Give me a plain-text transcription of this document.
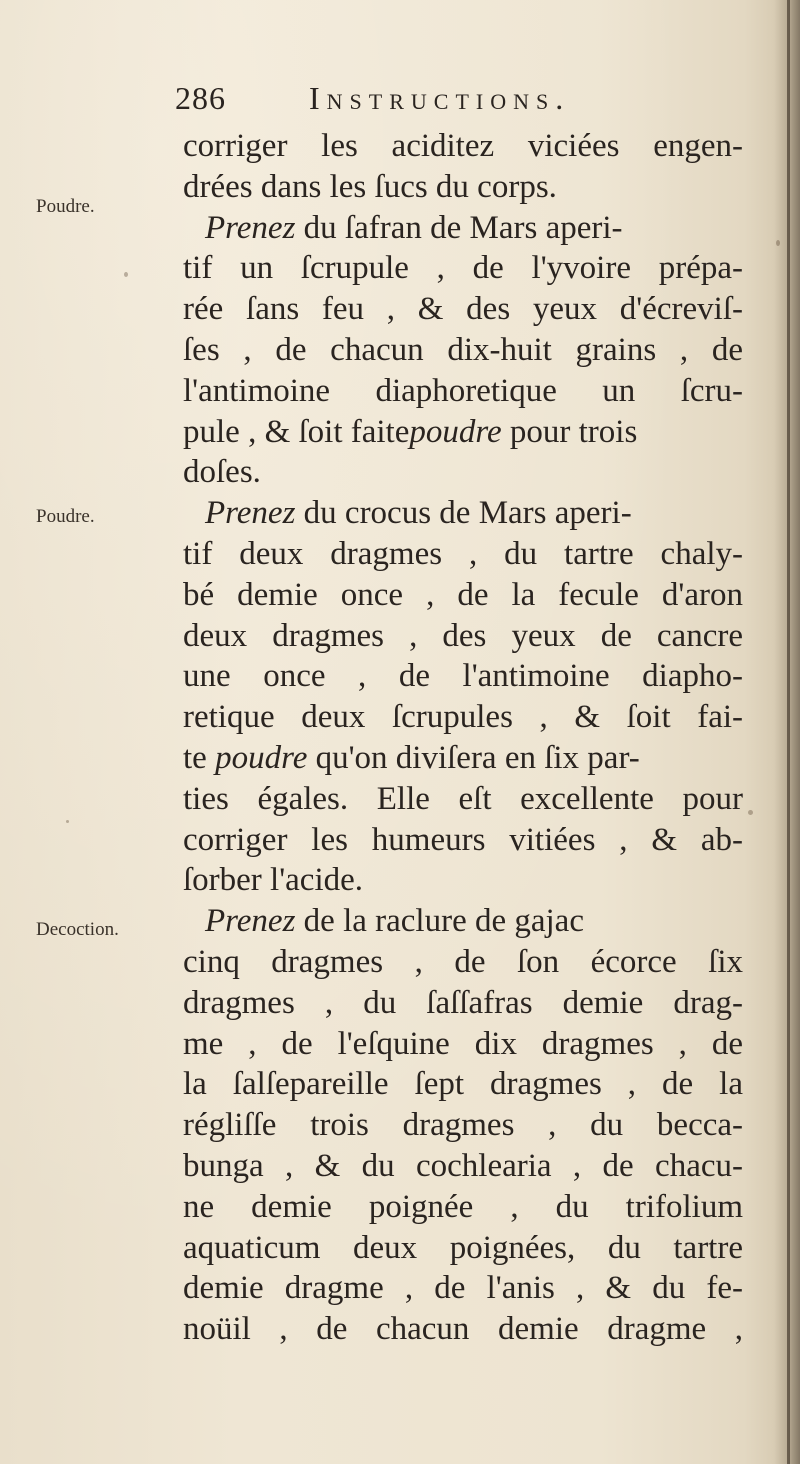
286	Instructions.
Poudre.
Poudre.
Decoction.
corriger les aciditez viciées engen-
drées dans les ſucs du corps.
Prenez du ſafran de Mars aperi-
tif un ſcrupule , de l'yvoire prépa-
rée ſans feu , & des yeux d'écreviſ-
ſes , de chacun dix-huit grains , de
l'antimoine diaphoretique un ſcru-
pule , & ſoit faitepoudre pour trois
doſes.
Prenez du crocus de Mars aperi-
tif deux dragmes , du tartre chaly-
bé demie once , de la fecule d'aron
deux dragmes , des yeux de cancre
une once , de l'antimoine diapho-
retique deux ſcrupules , & ſoit fai-
te poudre qu'on diviſera en ſix par-
ties égales. Elle eſt excellente pour
corriger les humeurs vitiées , & ab-
ſorber l'acide.
Prenez de la raclure de gajac
cinq dragmes , de ſon écorce ſix
dragmes , du ſaſſafras demie drag-
me , de l'eſquine dix dragmes , de
la ſalſepareille ſept dragmes , de la
régliſſe trois dragmes , du becca-
bunga , & du cochlearia , de chacu-
ne demie poignée , du trifolium
aquaticum deux poignées, du tartre
demie dragme , de l'anis , & du fe-
noüil , de chacun demie dragme ,
